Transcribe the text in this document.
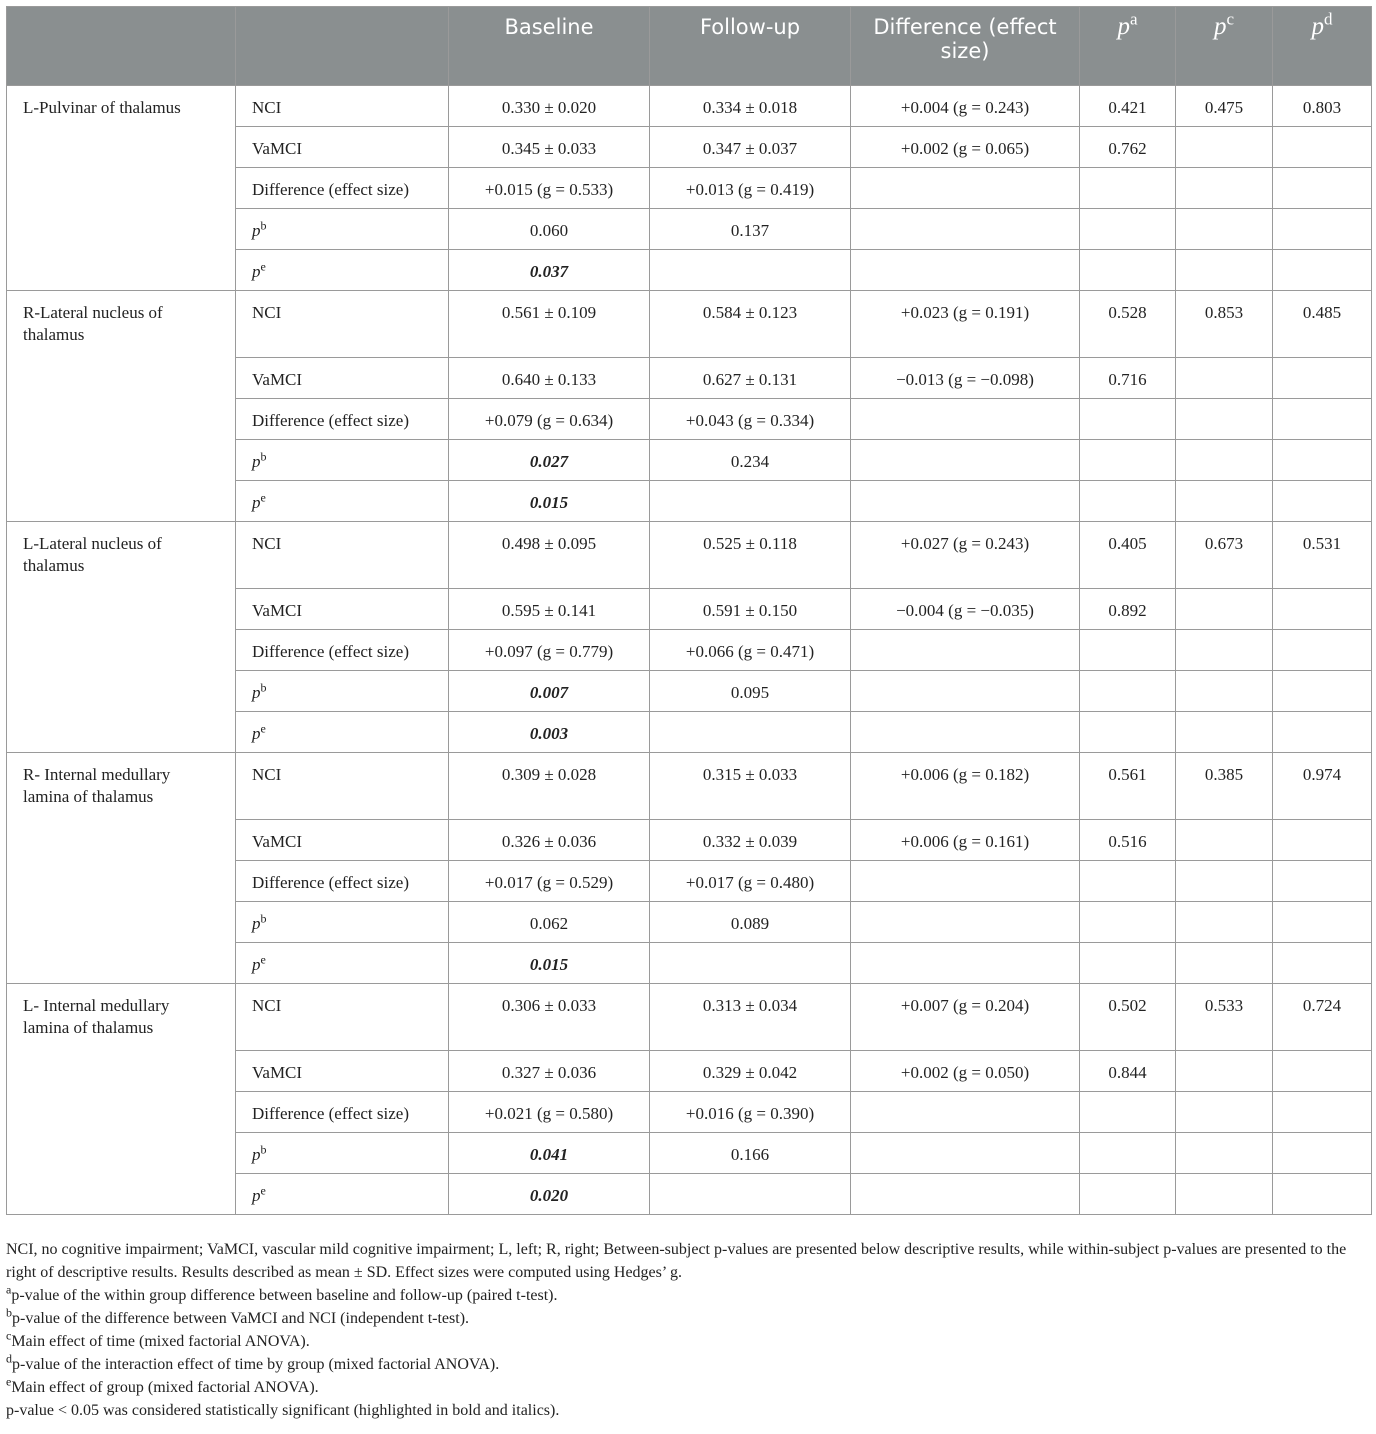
		Baseline	Follow-up	Difference (effect size)	$p^a$	$p^c$	$p^d$
L-Pulvinar of thalamus	NCI	0.330 ± 0.020	0.334 ± 0.018	+0.004 (g = 0.243)	0.421	0.475	0.803
	VaMCI	0.345 ± 0.033	0.347 ± 0.037	+0.002 (g = 0.065)	0.762		
	Difference (effect size)	+0.015 (g = 0.533)	+0.013 (g = 0.419)				
	$p^b$	0.060	0.137				
	$p^e$	0.037					
R-Lateral nucleus of thalamus	NCI	0.561 ± 0.109	0.584 ± 0.123	+0.023 (g = 0.191)	0.528	0.853	0.485
	VaMCI	0.640 ± 0.133	0.627 ± 0.131	−0.013 (g = −0.098)	0.716		
	Difference (effect size)	+0.079 (g = 0.634)	+0.043 (g = 0.334)				
	$p^b$	0.027	0.234				
	$p^e$	0.015					
L-Lateral nucleus of thalamus	NCI	0.498 ± 0.095	0.525 ± 0.118	+0.027 (g = 0.243)	0.405	0.673	0.531
	VaMCI	0.595 ± 0.141	0.591 ± 0.150	−0.004 (g = −0.035)	0.892		
	Difference (effect size)	+0.097 (g = 0.779)	+0.066 (g = 0.471)				
	$p^b$	0.007	0.095				
	$p^e$	0.003					
R- Internal medullary lamina of thalamus	NCI	0.309 ± 0.028	0.315 ± 0.033	+0.006 (g = 0.182)	0.561	0.385	0.974
	VaMCI	0.326 ± 0.036	0.332 ± 0.039	+0.006 (g = 0.161)	0.516		
	Difference (effect size)	+0.017 (g = 0.529)	+0.017 (g = 0.480)				
	$p^b$	0.062	0.089				
	$p^e$	0.015					
L- Internal medullary lamina of thalamus	NCI	0.306 ± 0.033	0.313 ± 0.034	+0.007 (g = 0.204)	0.502	0.533	0.724
	VaMCI	0.327 ± 0.036	0.329 ± 0.042	+0.002 (g = 0.050)	0.844		
	Difference (effect size)	+0.021 (g = 0.580)	+0.016 (g = 0.390)				
	$p^b$	0.041	0.166				
	$p^e$	0.020					

NCI, no cognitive impairment; VaMCI, vascular mild cognitive impairment; L, left; R, right; Between-subject p-values are presented below descriptive results, while within-subject p-values are presented to the right of descriptive results. Results described as mean ± SD. Effect sizes were computed using Hedges’ g.

$^a$p-value of the within group difference between baseline and follow-up (paired t-test).

$^b$p-value of the difference between VaMCI and NCI (independent t-test).

$^c$Main effect of time (mixed factorial ANOVA).

$^d$p-value of the interaction effect of time by group (mixed factorial ANOVA).

$^e$Main effect of group (mixed factorial ANOVA).

p-value < 0.05 was considered statistically significant (highlighted in bold and italics).
